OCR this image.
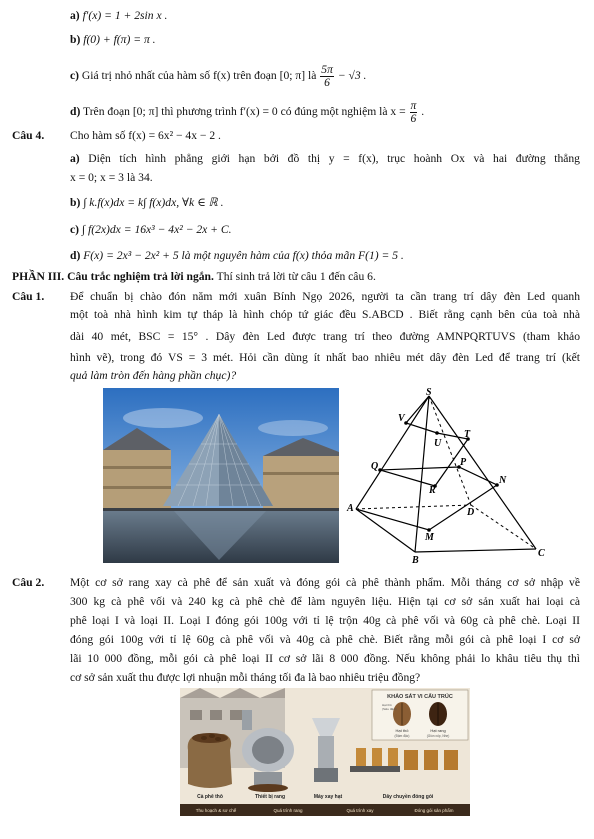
a) f′(x) = 1 + 2sin x .
b) f(0) + f(π) = π .
c) Giá trị nhỏ nhất của hàm số f(x) trên đoạn [0; π] là $\frac{5\pi}{6} - √3$ .
d) Trên đoạn [0; π] thì phương trình f′(x) = 0 có đúng một nghiệm là $x = \frac{\pi}{6}$ .
Câu 4. Cho hàm số f(x) = 6x² − 4x − 2 .
a) Diện tích hình phẳng giới hạn bởi đồ thị y = f(x), trục hoành Ox và hai đường thẳng
x = 0; x = 3 là 34.
b) ∫ k.f(x)dx = k∫ f(x)dx, ∀k ∈ ℝ .
c) ∫ f(2x)dx = 16x³ − 4x² − 2x + C.
d) F(x) = 2x³ − 2x² + 5 là một nguyên hàm của f(x) thỏa mãn F(1) = 5 .
PHẦN III. Câu trắc nghiệm trả lời ngắn. Thí sinh trả lời từ câu 1 đến câu 6.
Câu 1. Để chuẩn bị chào đón năm mới xuân Bính Ngọ 2026, người ta cần trang trí dây đèn Led quanh
một toà nhà hình kim tự tháp là hình chóp tứ giác đều S.ABCD . Biết rằng cạnh bên của toà nhà
dài 40 mét, BSC = 15° . Dây đèn Led được trang trí theo đường AMNPQRTUVS (tham khảo
hình vẽ), trong đó VS = 3 mét. Hỏi cần dùng ít nhất bao nhiêu mét dây đèn Led để trang trí (kết
quả làm tròn đến hàng phần chục)?
S
V
U
T
Q	P
R
N
A	D
M
B
C
Câu 2. Một cơ sở rang xay cà phê để sản xuất và đóng gói cà phê thành phẩm. Mỗi tháng cơ sở nhập về
300 kg cà phê vối và 240 kg cà phê chè để làm nguyên liệu. Hiện tại cơ sở sản xuất hai loại cà
phê loại I và loại II. Loại I đóng gói 100g với tỉ lệ trộn 40g cà phê vối và 60g cà phê chè. Loại II
đóng gói 100g với tỉ lệ 60g cà phê vối và 40g cà phê chè. Biết rằng mỗi gói cà phê loại I cơ sở
lãi 10 000 đồng, mỗi gói cà phê loại II cơ sở lãi 8 000 đồng. Nếu không phải lo khâu tiêu thụ thì
cơ sở sản xuất thu được lợi nhuận mỗi tháng tối đa là bao nhiêu triệu đồng?
KHẢO SÁT VI CẤU TRÚC
Hạt thô
(Đậm đặc)
Hạt rang
(Giòn xốp, Nhẹ)
Hạt thô
(Siêu đậm)
Cà phê thô	Thiết bị rang	Máy xay hạt	Dây chuyền đóng gói
Thu hoạch & sơ chế	Quá trình rang	Quá trình xay	Đóng gói sản phẩm
